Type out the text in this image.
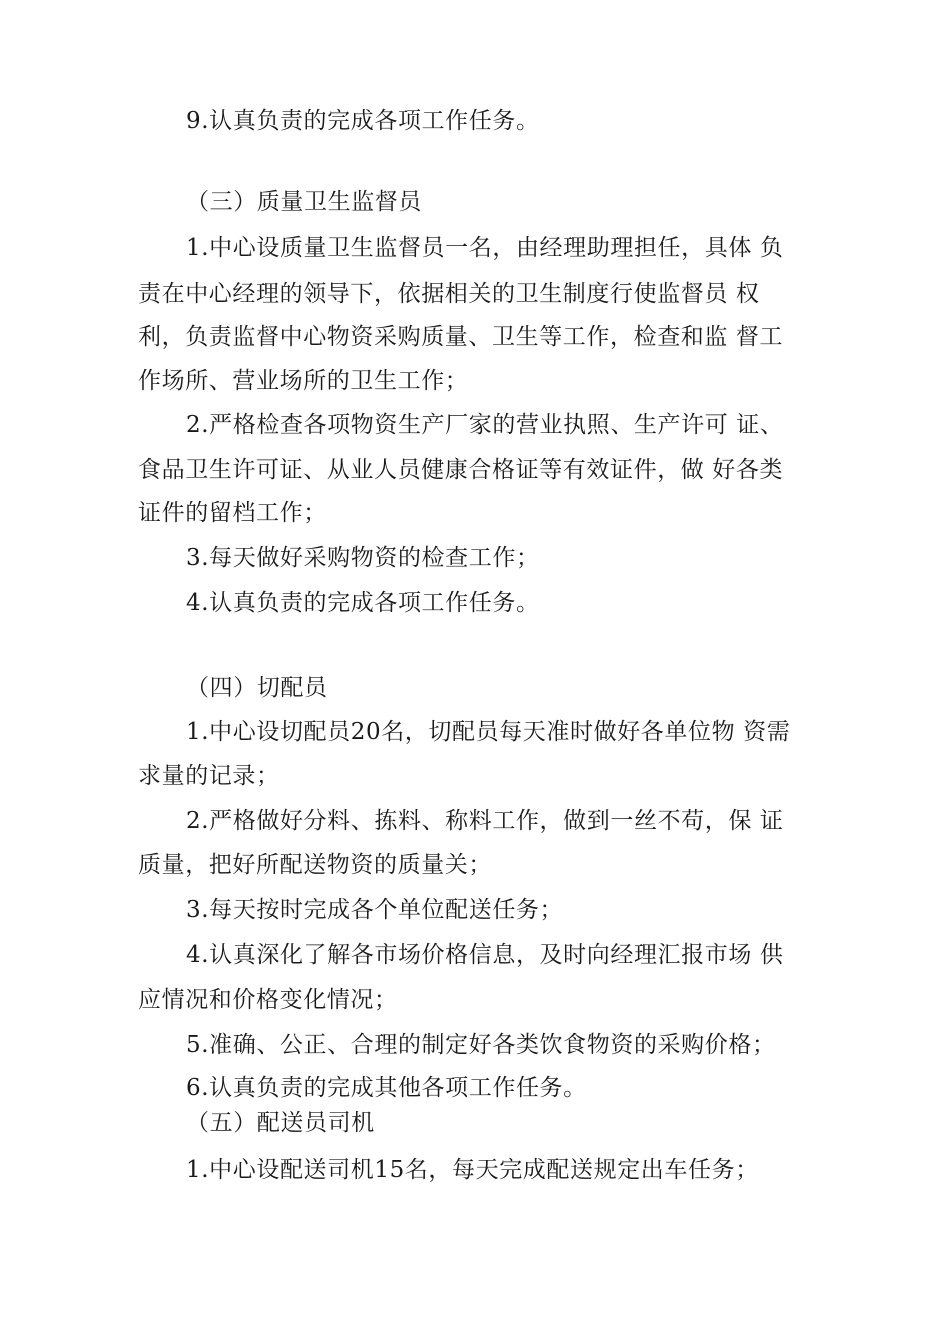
9.认真负责的完成各项工作任务。
（三）质量卫生监督员
1.中心设质量卫生监督员一名，由经理助理担任，具体 负
责在中心经理的领导下，依据相关的卫生制度行使监督员 权
利，负责监督中心物资采购质量、卫生等工作，检查和监 督工
作场所、营业场所的卫生工作；
2.严格检查各项物资生产厂家的营业执照、生产许可 证、
食品卫生许可证、从业人员健康合格证等有效证件，做 好各类
证件的留档工作；
3.每天做好采购物资的检查工作；
4.认真负责的完成各项工作任务。
（四）切配员
1.中心设切配员20名，切配员每天准时做好各单位物 资需
求量的记录；
2.严格做好分料、拣料、称料工作，做到一丝不苟，保 证
质量，把好所配送物资的质量关；
3.每天按时完成各个单位配送任务；
4.认真深化了解各市场价格信息，及时向经理汇报市场 供
应情况和价格变化情况；
5.准确、公正、合理的制定好各类饮食物资的采购价格；
6.认真负责的完成其他各项工作任务。
（五）配送员司机
1.中心设配送司机15名，每天完成配送规定出车任务；
